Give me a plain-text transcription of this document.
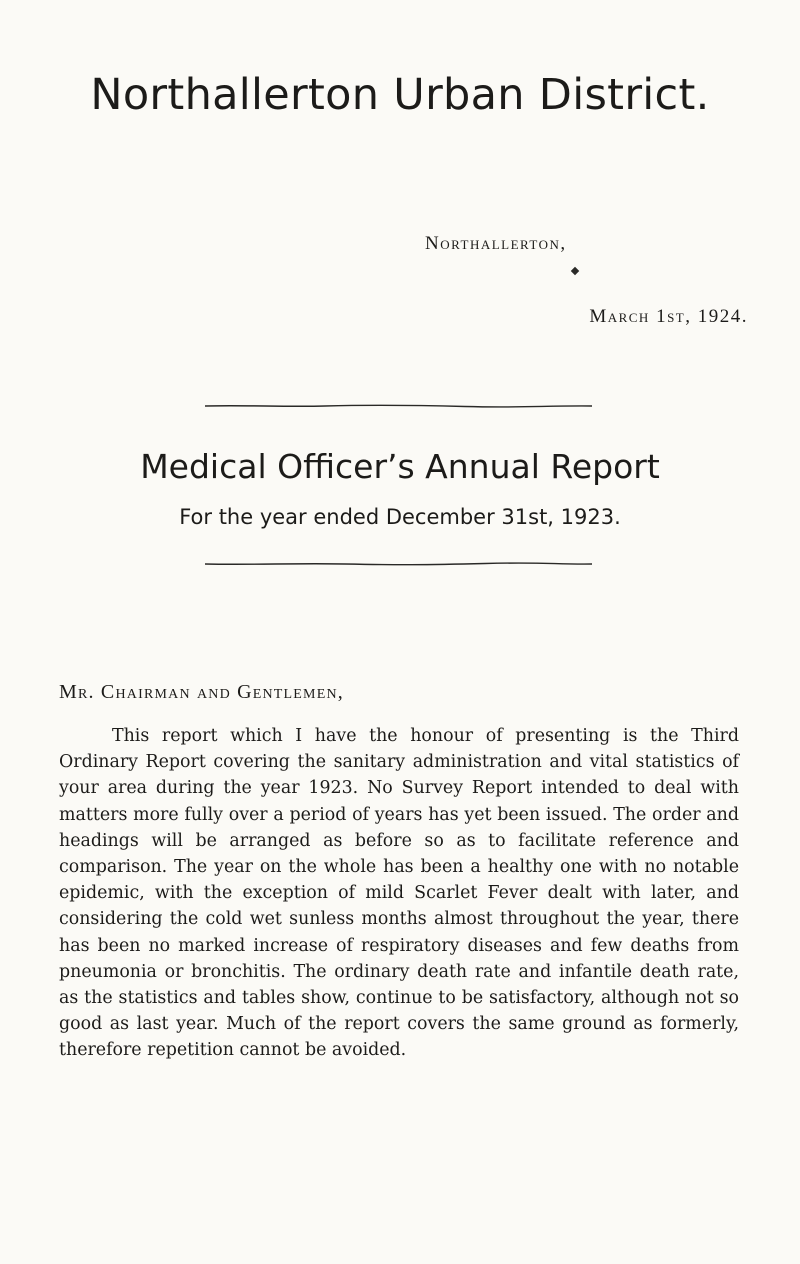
Northallerton Urban District.
Northallerton,
March 1st, 1924.
Medical Officer’s Annual Report
For the year ended December 31st, 1923.
Mr. Chairman and Gentlemen,

This report which I have the honour of presenting is the Third Ordinary Report covering the sanitary administration and vital statistics of your area during the year 1923. No Survey Report intended to deal with matters more fully over a period of years has yet been issued. The order and headings will be arranged as before so as to facilitate reference and comparison. The year on the whole has been a healthy one with no notable epidemic, with the exception of mild Scarlet Fever dealt with later, and considering the cold wet sunless months almost throughout the year, there has been no marked increase of respiratory diseases and few deaths from pneumonia or bronchitis. The ordinary death rate and infantile death rate, as the statistics and tables show, continue to be satisfactory, although not so good as last year. Much of the report covers the same ground as formerly, therefore repetition cannot be avoided.
